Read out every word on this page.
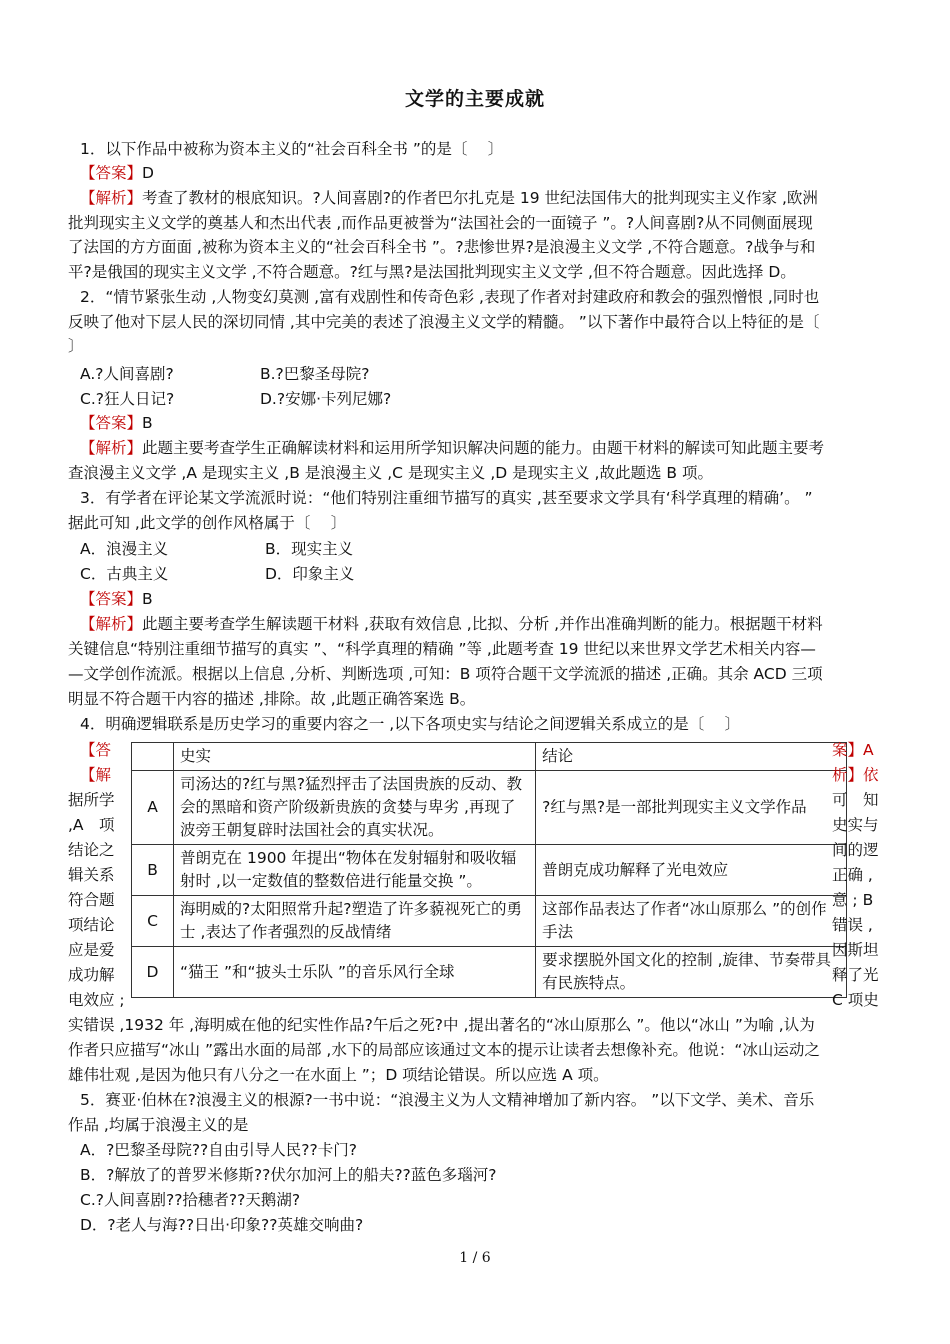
文学的主要成就
1．以下作品中被称为资本主义的“社会百科全书 ”的是〔　 〕
【答案】D
【解析】考查了教材的根底知识。?人间喜剧?的作者巴尔扎克是 19 世纪法国伟大的批判现实主义作家 ,欧洲
批判现实主义文学的奠基人和杰出代表 ,而作品更被誉为“法国社会的一面镜子 ”。?人间喜剧?从不同侧面展现
了法国的方方面面 ,被称为资本主义的“社会百科全书 ”。?悲惨世界?是浪漫主义文学 ,不符合题意。?战争与和
平?是俄国的现实主义文学 ,不符合题意。?红与黑?是法国批判现实主义文学 ,但不符合题意。因此选择 D。
2．“情节紧张生动 ,人物变幻莫测 ,富有戏剧性和传奇色彩 ,表现了作者对封建政府和教会的强烈憎恨 ,同时也
反映了他对下层人民的深切同情 ,其中完美的表述了浪漫主义文学的精髓。 ”以下著作中最符合以上特征的是〔
〕
A.?人间喜剧?	B.?巴黎圣母院?
C.?狂人日记?	D.?安娜·卡列尼娜?
【答案】B
【解析】此题主要考查学生正确解读材料和运用所学知识解决问题的能力。由题干材料的解读可知此题主要考
查浪漫主义文学 ,A 是现实主义 ,B 是浪漫主义 ,C 是现实主义 ,D 是现实主义 ,故此题选 B 项。
3．有学者在评论某文学流派时说：“他们特别注重细节描写的真实 ,甚至要求文学具有‘科学真理的精确’。 ”
据此可知 ,此文学的创作风格属于〔　 〕
A．浪漫主义	B．现实主义
C．古典主义	D．印象主义
【答案】B
【解析】此题主要考查学生解读题干材料 ,获取有效信息 ,比拟、分析 ,并作出准确判断的能力。根据题干材料
关键信息“特别注重细节描写的真实 ”、“科学真理的精确 ”等 ,此题考查 19 世纪以来世界文学艺术相关内容—
—文学创作流派。根据以上信息 ,分析、判断选项 ,可知：B 项符合题干文学流派的描述 ,正确。其余 ACD 三项
明显不符合题干内容的描述 ,排除。故 ,此题正确答案选 B。
4．明确逻辑联系是历史学习的重要内容之一 ,以下各项史实与结论之间逻辑关系成立的是〔　 〕
【答
【解
据所学
,A　项
结论之
辑关系
符合题
项结论
应是爱
成功解
电效应 ;
	史实	结论
A	司汤达的?红与黑?猛烈抨击了法国贵族的反动、教会的黑暗和资产阶级新贵族的贪婪与卑劣 ,再现了波旁王朝复辟时法国社会的真实状况。	?红与黑?是一部批判现实主义文学作品
B	普朗克在 1900 年提出“物体在发射辐射和吸收辐射时 ,以一定数值的整数倍进行能量交换 ”。	普朗克成功解释了光电效应
C	海明威的?太阳照常升起?塑造了许多藐视死亡的勇士 ,表达了作者强烈的反战情绪	这部作品表达了作者“冰山原那么 ”的创作手法
D	“猫王 ”和“披头士乐队 ”的音乐风行全球	要求摆脱外国文化的控制 ,旋律、节奏带具有民族特点。
案】A
析】依
可　知
史实与
间的逻
正确 ,
意 ; B
错误 ,
因斯坦
释了光
C 项史
实错误 ,1932 年 ,海明威在他的纪实性作品?午后之死?中 ,提出著名的“冰山原那么 ”。他以“冰山 ”为喻 ,认为
作者只应描写“冰山 ”露出水面的局部 ,水下的局部应该通过文本的提示让读者去想像补充。他说：“冰山运动之
雄伟壮观 ,是因为他只有八分之一在水面上 ”；D 项结论错误。所以应选 A 项。
5．赛亚·伯林在?浪漫主义的根源?一书中说：“浪漫主义为人文精神增加了新内容。 ”以下文学、美术、音乐
作品 ,均属于浪漫主义的是
A．?巴黎圣母院??自由引导人民??卡门?
B．?解放了的普罗米修斯??伏尔加河上的船夫??蓝色多瑙河?
C.?人间喜剧??拾穗者??天鹅湖?
D．?老人与海??日出·印象??英雄交响曲?
1 / 6
